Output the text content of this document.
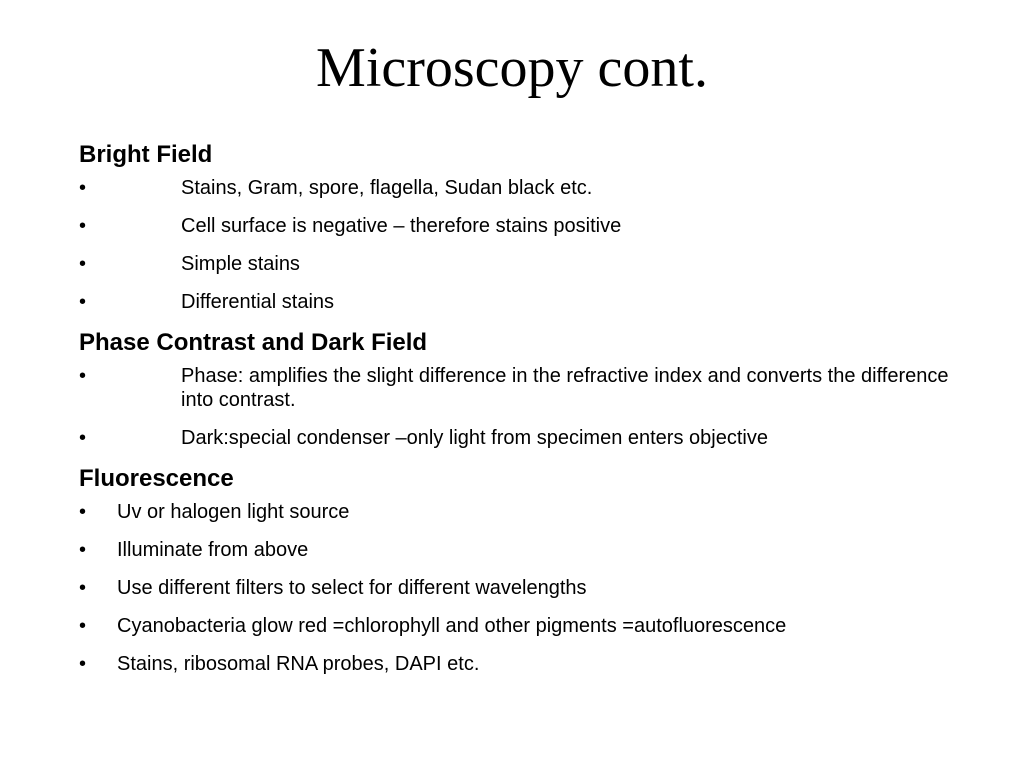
Microscopy cont.
Bright Field
•	Stains, Gram, spore, flagella, Sudan black etc.
•	Cell surface is negative – therefore stains positive
•	Simple stains
•	Differential stains
Phase Contrast and Dark Field
•	Phase: amplifies the slight difference in the refractive index and converts the difference into contrast.
•	Dark:special condenser –only light from specimen enters objective
Fluorescence
• Uv or halogen light source
• Illuminate from above
• Use different filters to select for different wavelengths
• Cyanobacteria glow red =chlorophyll and other pigments =autofluorescence
• Stains, ribosomal RNA probes, DAPI etc.
